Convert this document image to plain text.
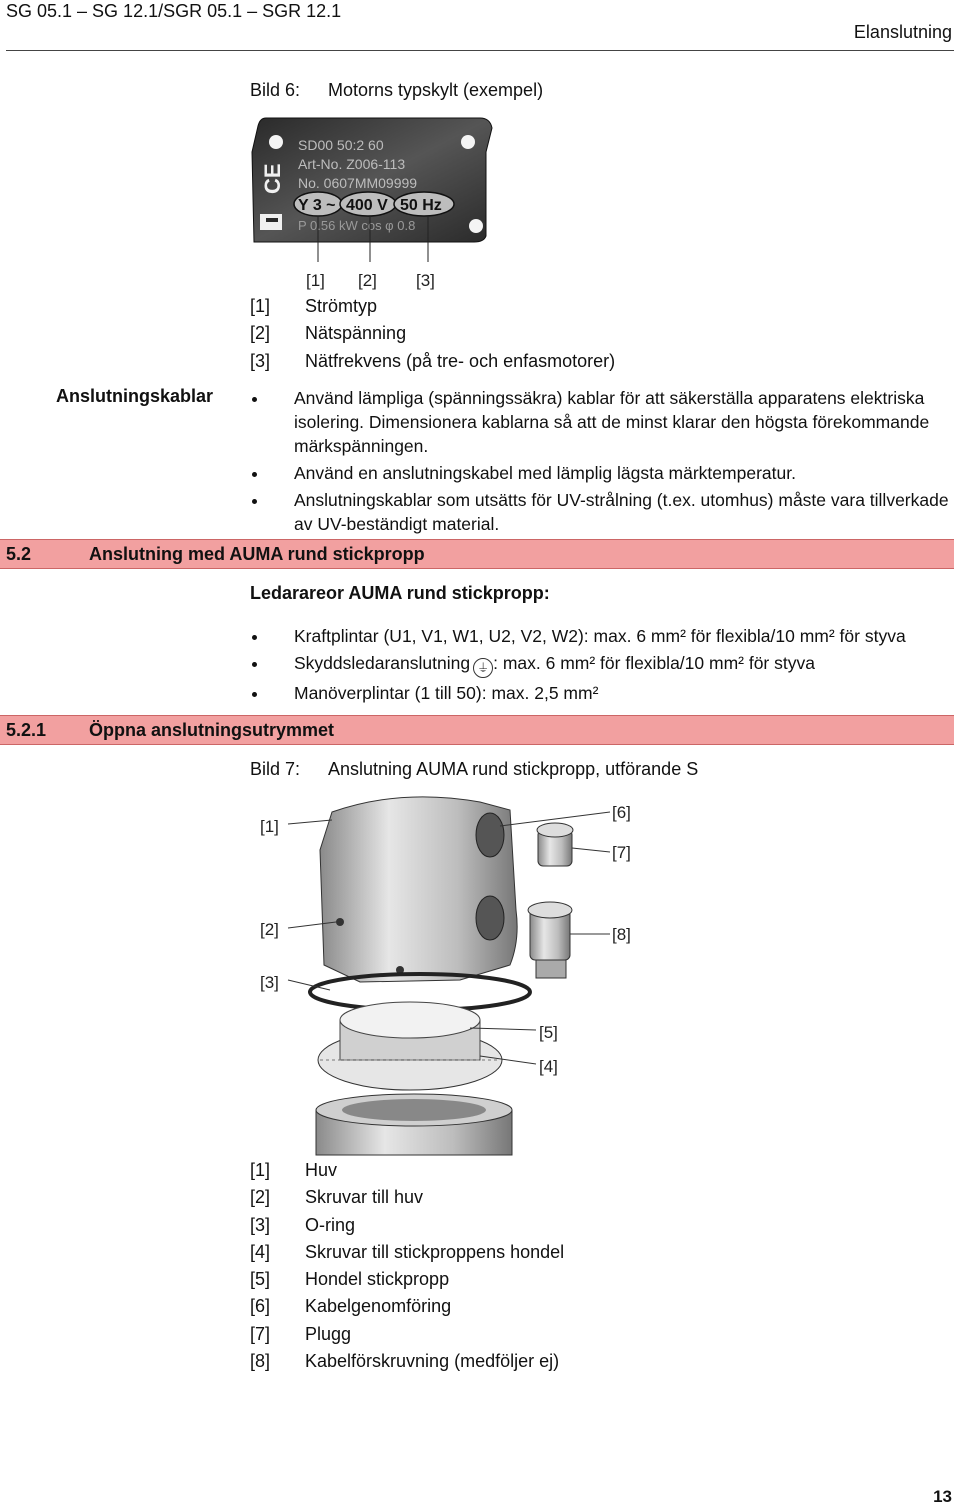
SG 05.1 – SG 12.1/SGR 05.1 – SGR 12.1
Elanslutning
Bild 6: Motorns typskylt (exempel)
CE
SD00 50:2 60
Art-No. Z006-113
No. 0607MM09999
Y 3 ~ 400 V 50 Hz
P 0.56 kW cos φ 0.8
[1] [2] [3]
[1]	Strömtyp
[2]	Nätspänning
[3]	Nätfrekvens (på tre- och enfasmotorer)
Anslutningskablar	Använd lämpliga (spänningssäkra) kablar för att säkerställa apparatens elektriska isolering. Dimensionera kablarna så att de minst klarar den högsta förekommande märkspänningen.
Använd en anslutningskabel med lämplig lägsta märktemperatur.
Anslutningskablar som utsätts för UV-strålning (t.ex. utomhus) måste vara tillverkade av UV-beständigt material.
5.2	Anslutning med AUMA rund stickpropp
Ledarareor AUMA rund stickpropp:
Kraftplintar (U1, V1, W1, U2, V2, W2): max. 6 mm² för flexibla/10 mm² för styva
Skyddsledaranslutning ⏚ : max. 6 mm² för flexibla/10 mm² för styva
Manöverplintar (1 till 50): max. 2,5 mm²
5.2.1 Öppna anslutningsutrymmet
Bild 7: Anslutning AUMA rund stickpropp, utförande S
[1]
[2]
[3]
[4]
[5]
[6]
[7]
[8]
[1]	Huv
[2]	Skruvar till huv
[3]	O-ring
[4]	Skruvar till stickproppens hondel
[5]	Hondel stickpropp
[6]	Kabelgenomföring
[7]	Plugg
[8]	Kabelförskruvning (medföljer ej)
13
